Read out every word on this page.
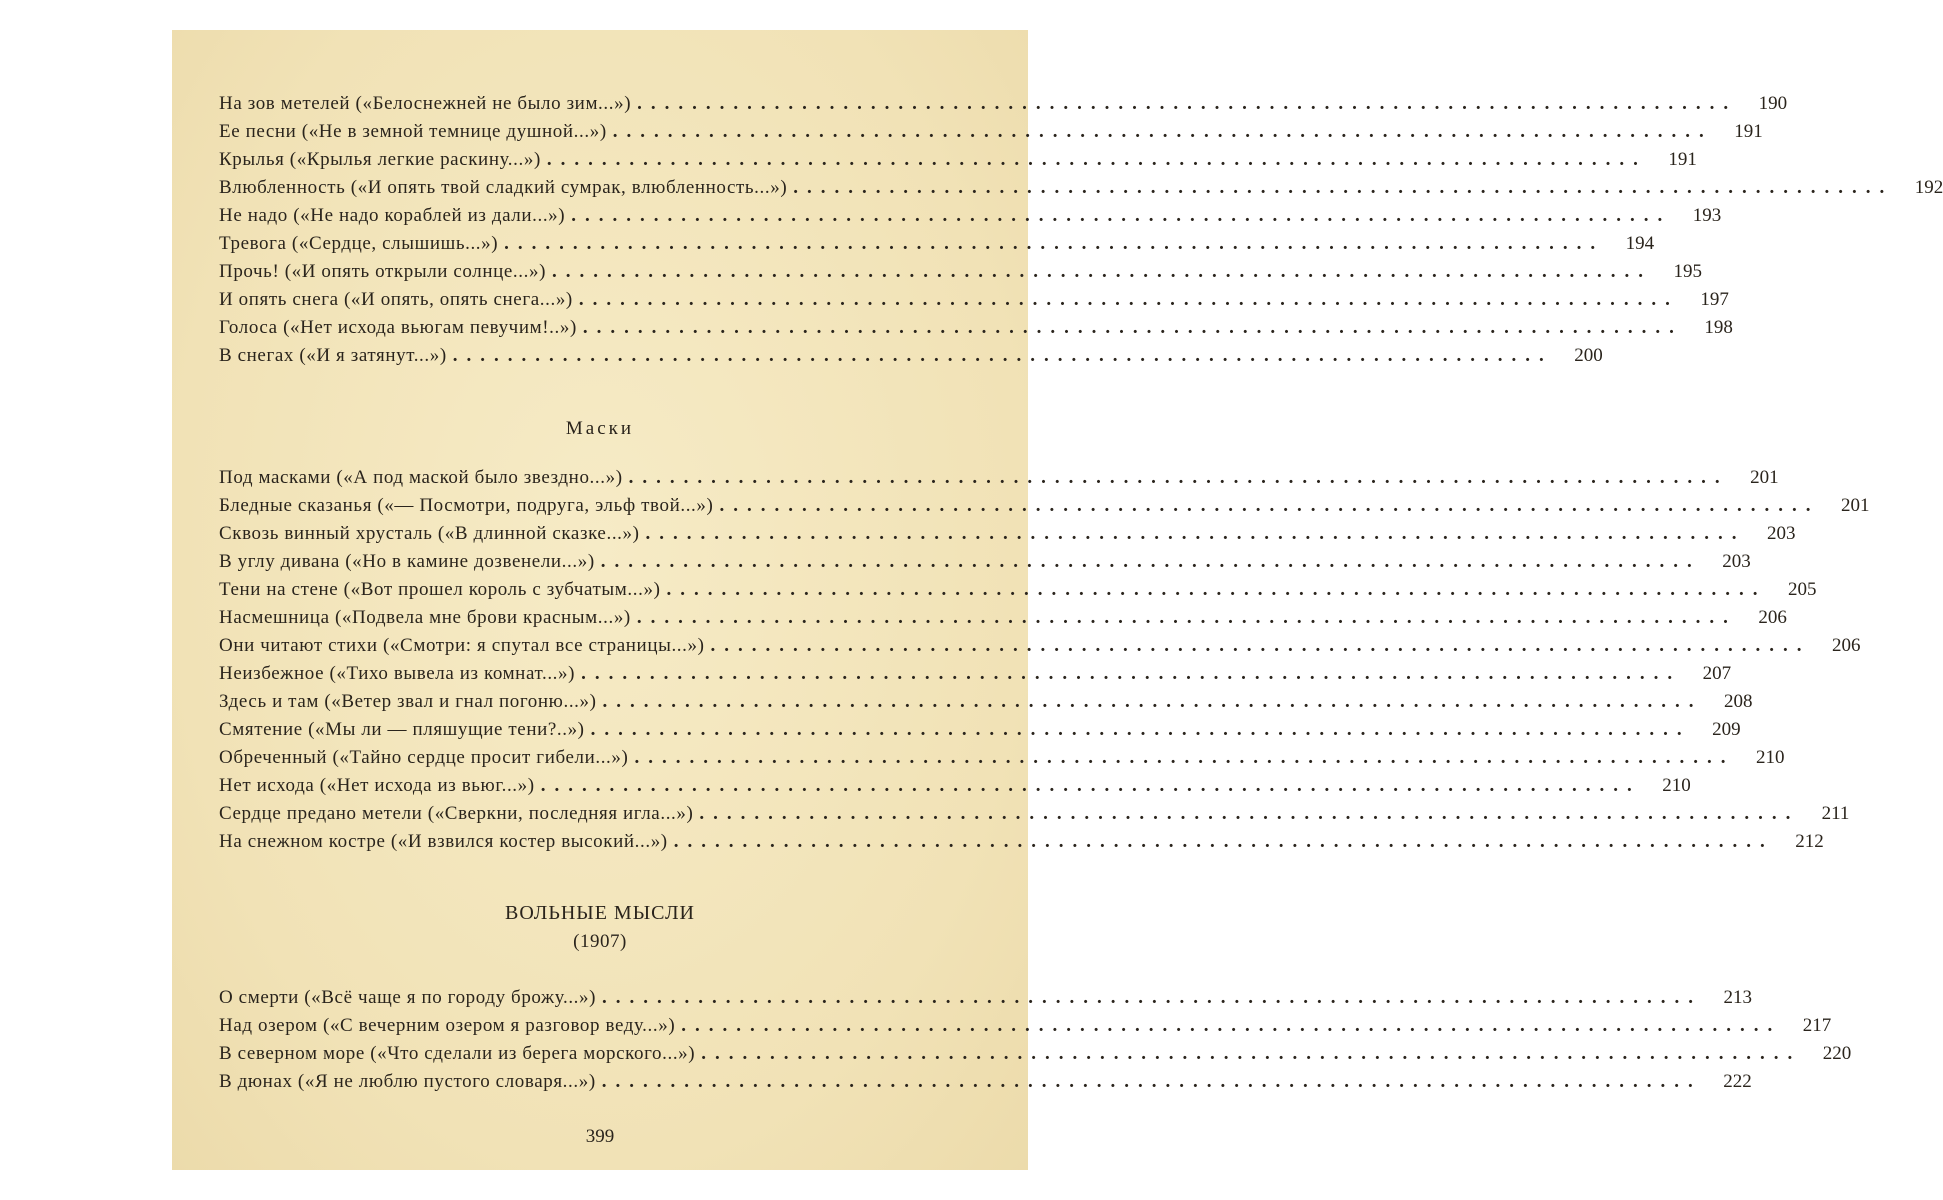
На зов метелей («Белоснежней не было зим...») ................................................................................	190
Ее песни («Не в земной темнице душной...») ................................................................................	191
Крылья («Крылья легкие раскину...») ................................................................................	191
Влюбленность («И опять твой сладкий сумрак, влюбленность...») ................................................................................	192
Не надо («Не надо кораблей из дали...») ................................................................................	193
Тревога («Сердце, слышишь...») ................................................................................	194
Прочь! («И опять открыли солнце...») ................................................................................	195
И опять снега («И опять, опять снега...») ................................................................................	197
Голоса («Нет исхода вьюгам певучим!..») ................................................................................	198
В снегах («И я затянут...») ................................................................................	200
Маски
Под масками («А под маской было звездно...») ................................................................................	201
Бледные сказанья («— Посмотри, подруга, эльф твой...») ................................................................................	201
Сквозь винный хрусталь («В длинной сказке...») ................................................................................	203
В углу дивана («Но в камине дозвенели...») ................................................................................	203
Тени на стене («Вот прошел король с зубчатым...») ................................................................................	205
Насмешница («Подвела мне брови красным...») ................................................................................	206
Они читают стихи («Смотри: я спутал все страницы...») ................................................................................	206
Неизбежное («Тихо вывела из комнат...») ................................................................................	207
Здесь и там («Ветер звал и гнал погоню...») ................................................................................	208
Смятение («Мы ли — пляшущие тени?..») ................................................................................	209
Обреченный («Тайно сердце просит гибели...») ................................................................................	210
Нет исхода («Нет исхода из вьюг...») ................................................................................	210
Сердце предано метели («Сверкни, последняя игла...») ................................................................................	211
На снежном костре («И взвился костер высокий...») ................................................................................	212
ВОЛЬНЫЕ МЫСЛИ
(1907)
О смерти («Всё чаще я по городу брожу...») ................................................................................	213
Над озером («С вечерним озером я разговор веду...») ................................................................................	217
В северном море («Что сделали из берега морского...») ................................................................................	220
В дюнах («Я не люблю пустого словаря...») ................................................................................	222
399
